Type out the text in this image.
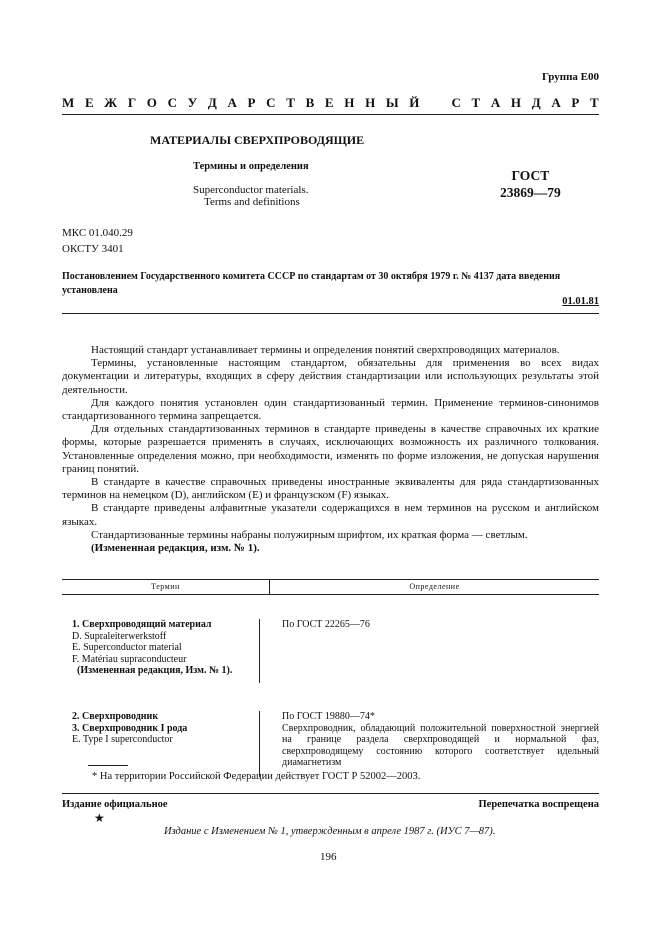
Группа Е00
М Е Ж Г О С У Д А Р С Т В Е Н Н Ы Й С Т А Н Д А Р Т
МАТЕРИАЛЫ СВЕРХПРОВОДЯЩИЕ
Термины и определения
Superconductor materials.
Terms and definitions
ГОСТ
23869—79
МКС 01.040.29
ОКСТУ 3401
Постановлением Государственного комитета СССР по стандартам от 30 октября 1979 г. № 4137 дата введения установлена
01.01.81

Настоящий стандарт устанавливает термины и определения понятий сверхпроводящих материалов.

Термины, установленные настоящим стандартом, обязательны для применения во всех видах документации и литературы, входящих в сферу действия стандартизации или использующих результаты этой деятельности.

Для каждого понятия установлен один стандартизованный термин. Применение терминов-синонимов стандартизованного термина запрещается.

Для отдельных стандартизованных терминов в стандарте приведены в качестве справочных их краткие формы, которые разрешается применять в случаях, исключающих возможность их различного толкования. Установленные определения можно, при необходимости, изменять по форме изложения, не допуская нарушения границ понятий.

В стандарте в качестве справочных приведены иностранные эквиваленты для ряда стандартизованных терминов на немецком (D), английском (E) и французском (F) языках.

В стандарте приведены алфавитные указатели содержащихся в нем терминов на русском и английском языках.

Стандартизованные термины набраны полужирным шрифтом, их краткая форма — светлым.

(Измененная редакция, изм. № 1).

Термин	Определение
1. Сверхпроводящий материал
D. Supraleiterwerkstoff
E. Superconductor material
F. Matériau supraconducteur
(Измененная редакция, Изм. № 1).
По ГОСТ 22265—76
2. Сверхпроводник
3. Сверхпроводник I рода
E. Type I superconductor
По ГОСТ 19880—74*
Сверхпроводник, обладающий положительной поверхностной энергией на границе раздела сверхпроводящей и нормальной фаз, сверхпроводящему состоянию которого соответствует идельный диамагнетизм
* На территории Российской Федерации действует ГОСТ Р 52002—2003.
Издание официальное	Перепечатка воспрещена
★
Издание с Изменением № 1, утвержденным в апреле 1987 г. (ИУС 7—87).
196
